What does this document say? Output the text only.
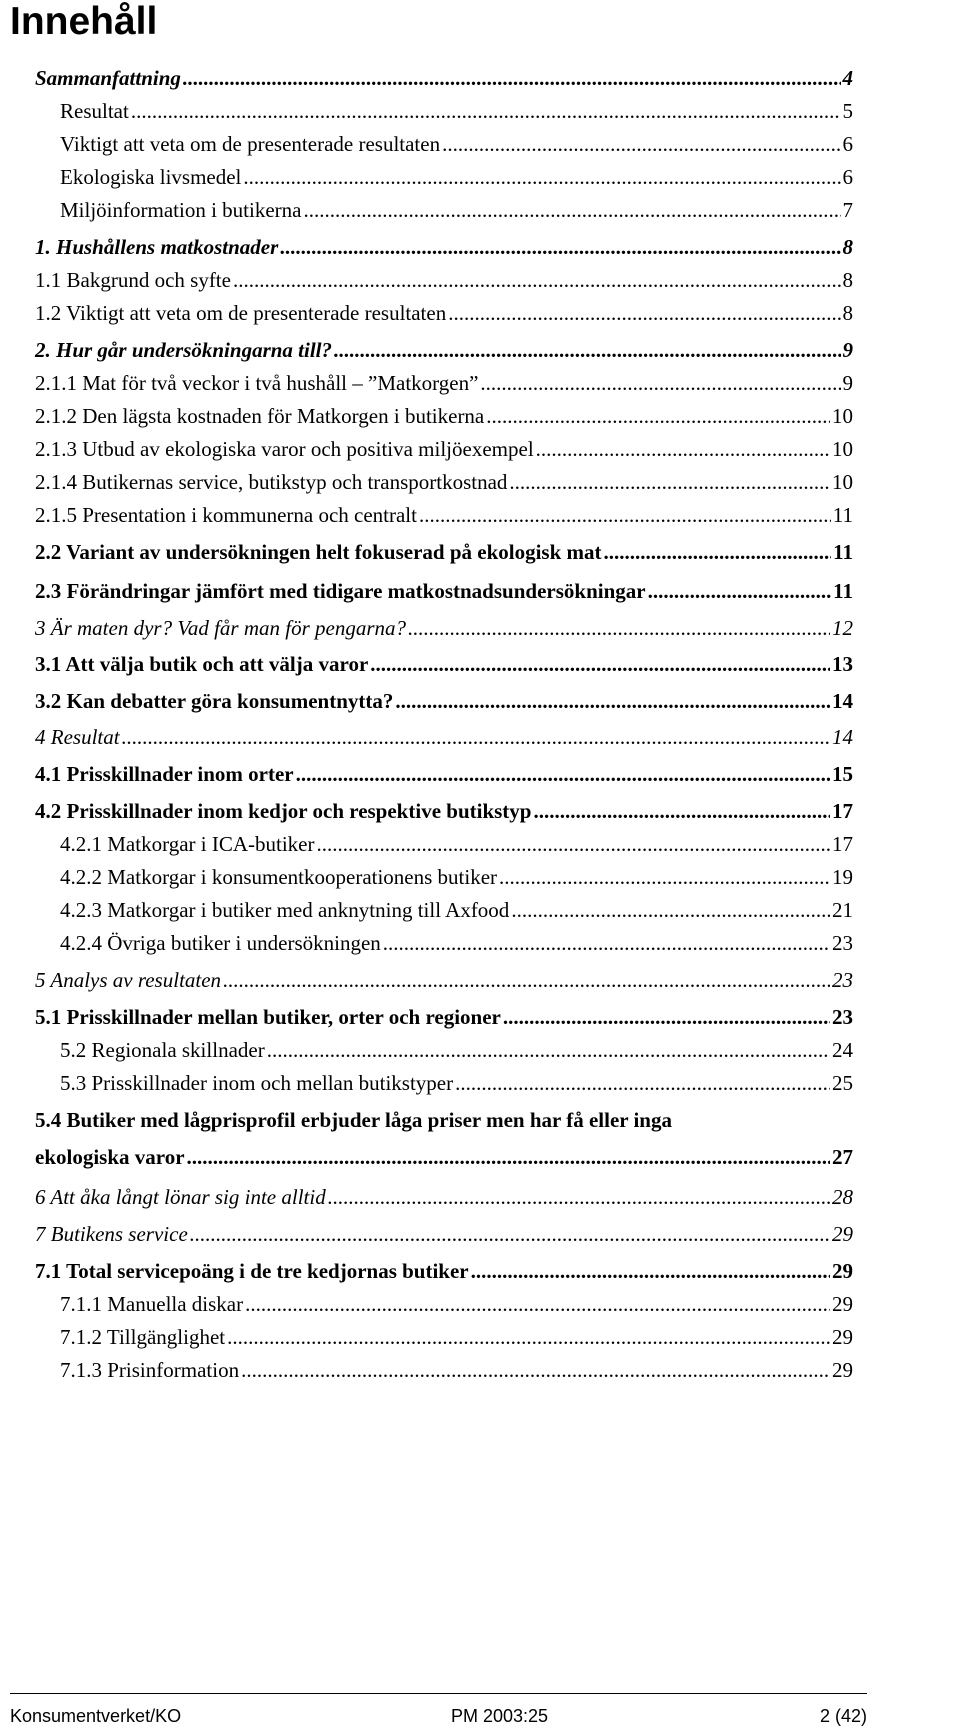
Innehåll
Sammanfattning .....	4
Resultat .....	5
Viktigt att veta om de presenterade resultaten .....	6
Ekologiska livsmedel .....	6
Miljöinformation i butikerna .....	7
1. Hushållens matkostnader .....	8
1.1 Bakgrund och syfte .....	8
1.2 Viktigt att veta om de presenterade resultaten .....	8
2. Hur går undersökningarna till? .....	9
2.1.1 Mat för två veckor i två hushåll – ”Matkorgen” .....	9
2.1.2 Den lägsta kostnaden för Matkorgen i butikerna .....	10
2.1.3 Utbud av ekologiska varor och positiva miljöexempel .....	10
2.1.4 Butikernas service, butikstyp och transportkostnad .....	10
2.1.5 Presentation i kommunerna och centralt .....	11
2.2 Variant av undersökningen helt fokuserad på ekologisk mat .....	11
2.3 Förändringar jämfört med tidigare matkostnadsundersökningar .....	11
3 Är maten dyr? Vad får man för pengarna? .....	12
3.1 Att välja butik och att välja varor .....	13
3.2 Kan debatter göra konsumentnytta? .....	14
4 Resultat .....	14
4.1 Prisskillnader inom orter .....	15
4.2 Prisskillnader inom kedjor och respektive butikstyp .....	17
4.2.1 Matkorgar i ICA-butiker .....	17
4.2.2 Matkorgar i konsumentkooperationens butiker .....	19
4.2.3 Matkorgar i butiker med anknytning till Axfood .....	21
4.2.4 Övriga butiker i undersökningen .....	23
5 Analys av resultaten .....	23
5.1 Prisskillnader mellan butiker, orter och regioner .....	23
5.2 Regionala skillnader .....	24
5.3 Prisskillnader inom och mellan butikstyper .....	25
5.4 Butiker med lågprisprofil erbjuder låga priser men har få eller inga
ekologiska varor .....	27
6 Att åka långt lönar sig inte alltid .....	28
7 Butikens service .....	29
7.1 Total servicepoäng i de tre kedjornas butiker .....	29
7.1.1 Manuella diskar .....	29
7.1.2 Tillgänglighet .....	29
7.1.3 Prisinformation .....	29
Konsumentverket/KO	PM 2003:25	2 (42)
